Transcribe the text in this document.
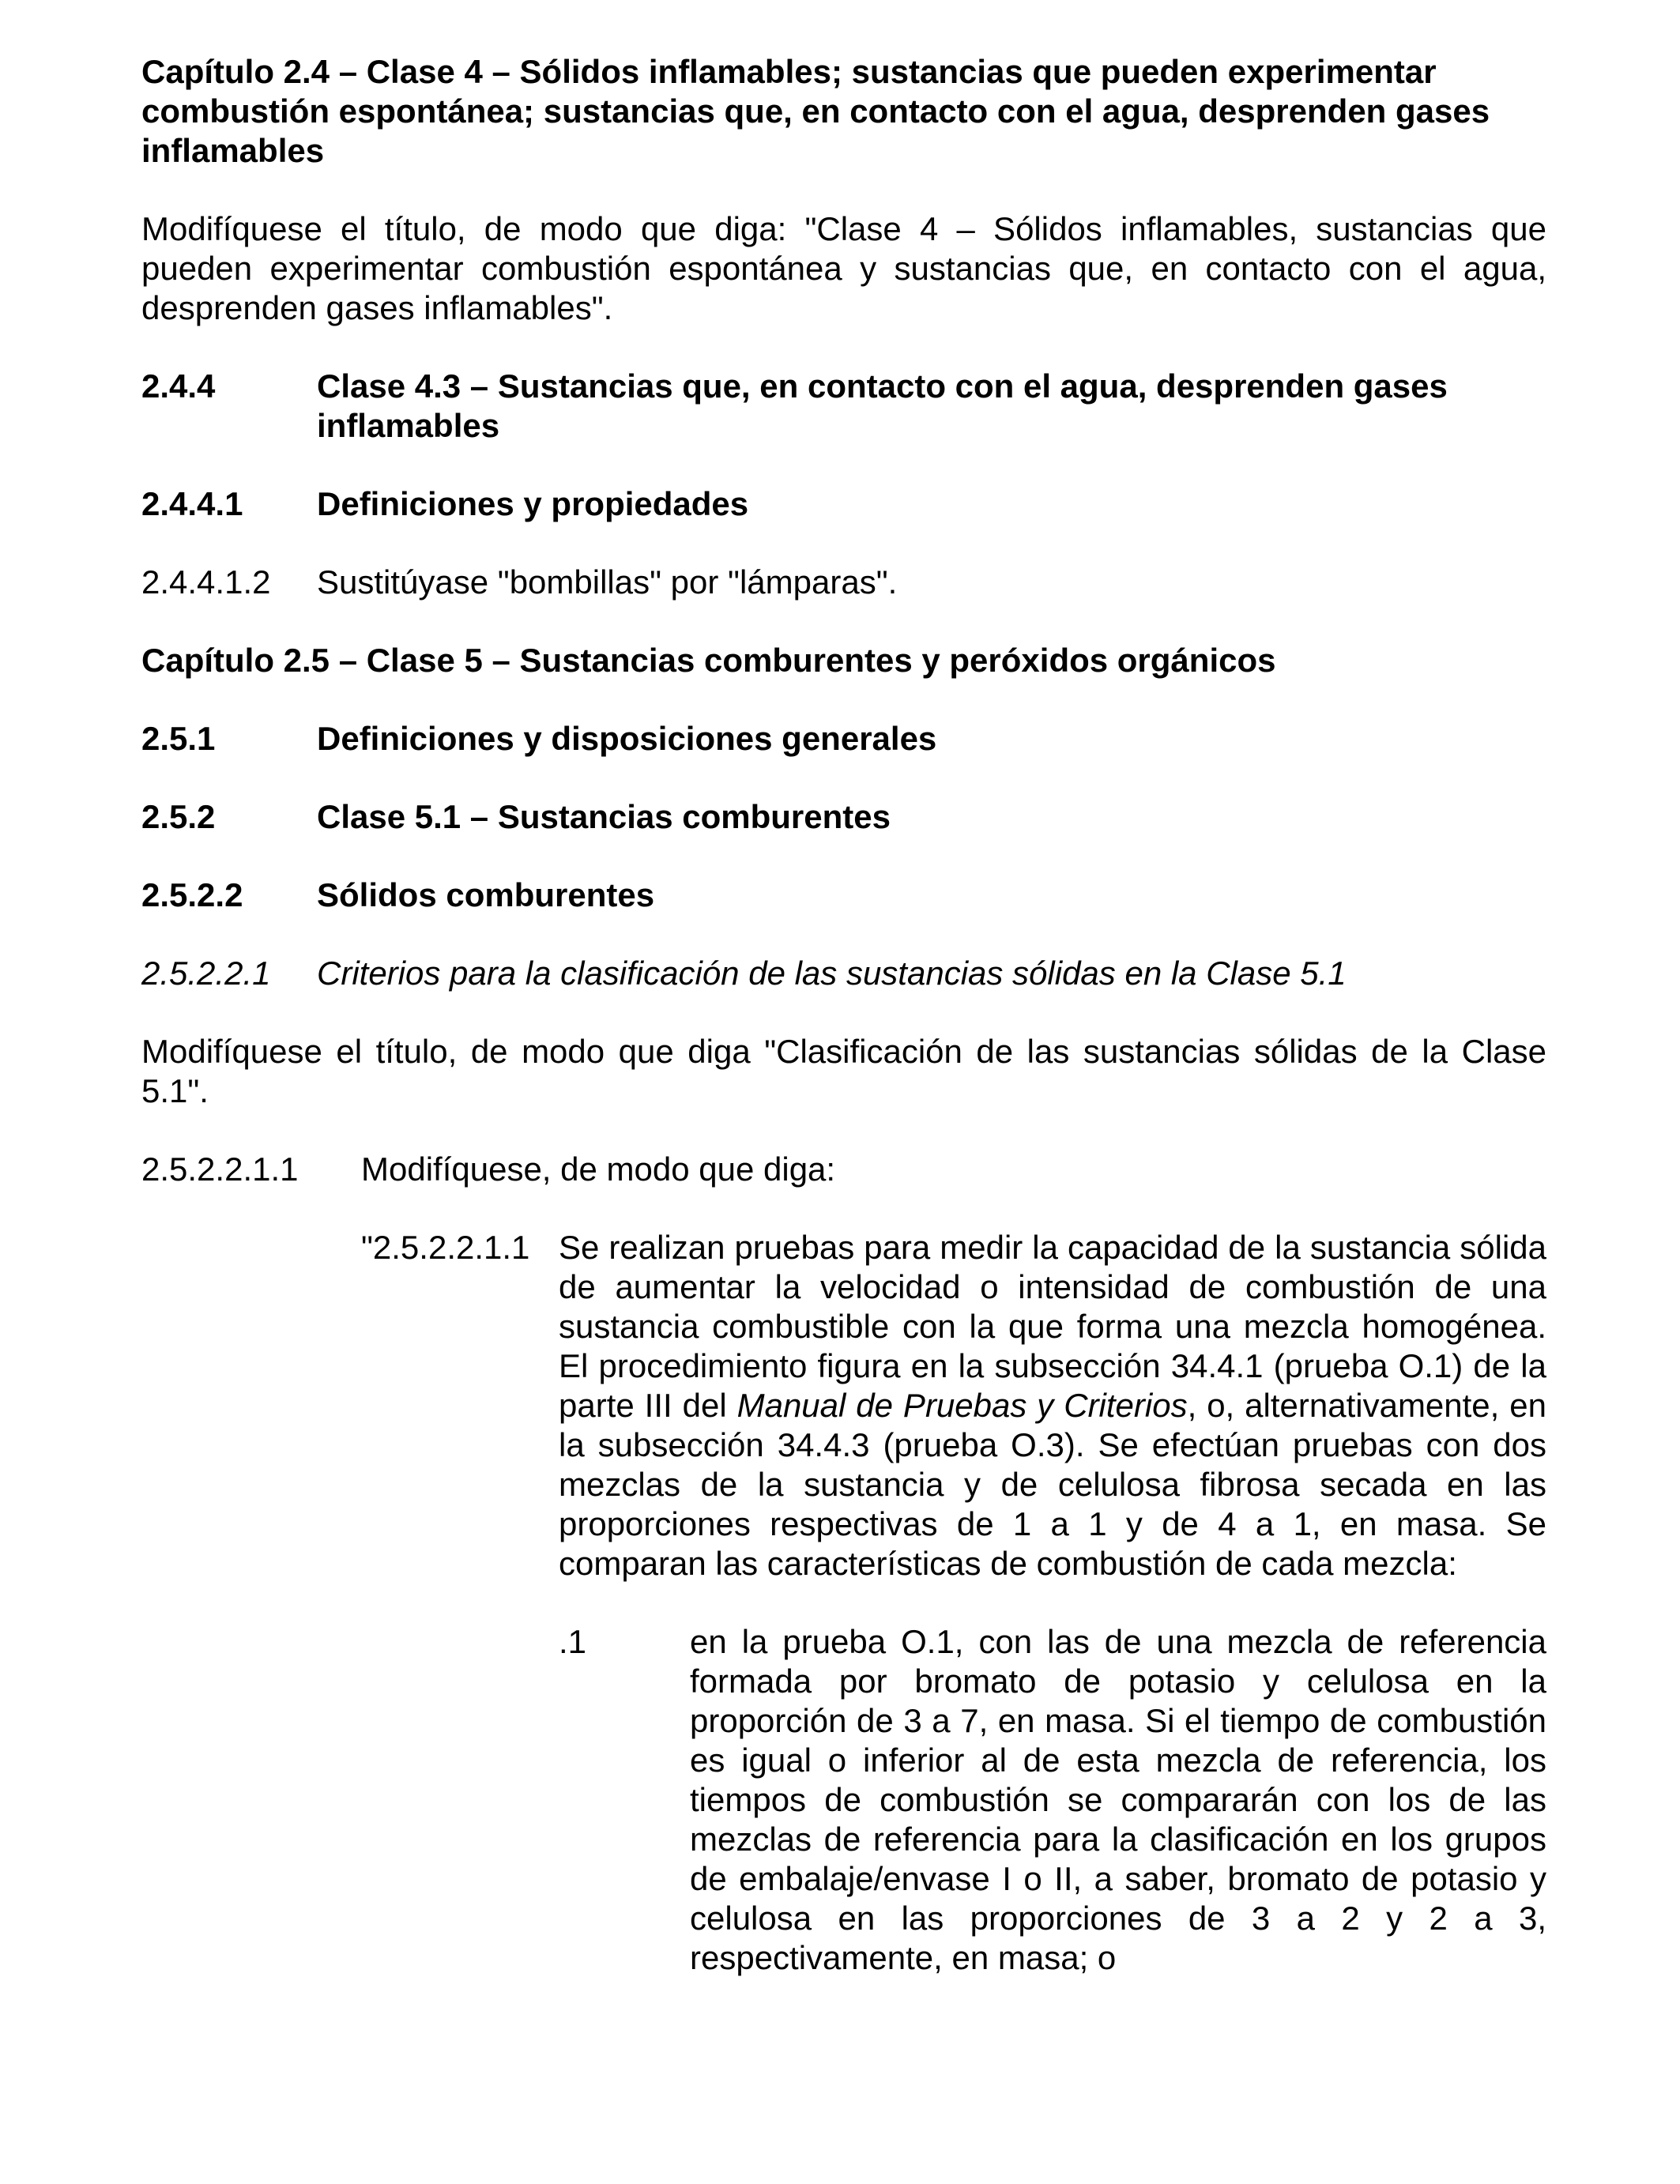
Capítulo 2.4 – Clase 4 – Sólidos inflamables; sustancias que pueden experimentar combustión espontánea; sustancias que, en contacto con el agua, desprenden gases inflamables

Modifíquese el título, de modo que diga: "Clase 4 – Sólidos inflamables, sustancias que pueden experimentar combustión espontánea y sustancias que, en contacto con el agua, desprenden gases inflamables".

2.4.4	Clase 4.3 – Sustancias que, en contacto con el agua, desprenden gases inflamables
2.4.4.1	Definiciones y propiedades
2.4.4.1.2	Sustitúyase "bombillas" por "lámparas".

Capítulo 2.5 – Clase 5 – Sustancias comburentes y peróxidos orgánicos

2.5.1	Definiciones y disposiciones generales
2.5.2	Clase 5.1 – Sustancias comburentes
2.5.2.2	Sólidos comburentes
2.5.2.2.1	Criterios para la clasificación de las sustancias sólidas en la Clase 5.1

Modifíquese el título, de modo que diga "Clasificación de las sustancias sólidas de la Clase 5.1".

2.5.2.2.1.1	Modifíquese, de modo que diga:
"2.5.2.2.1.1 Se realizan pruebas para medir la capacidad de la sustancia sólida de aumentar la velocidad o intensidad de combustión de una sustancia combustible con la que forma una mezcla homogénea. El procedimiento figura en la subsección 34.4.1 (prueba O.1) de la parte III del Manual de Pruebas y Criterios, o, alternativamente, en la subsección 34.4.3 (prueba O.3). Se efectúan pruebas con dos mezclas de la sustancia y de celulosa fibrosa secada en las proporciones respectivas de 1 a 1 y de 4 a 1, en masa. Se comparan las características de combustión de cada mezcla:
.1	en la prueba O.1, con las de una mezcla de referencia formada por bromato de potasio y celulosa en la proporción de 3 a 7, en masa. Si el tiempo de combustión es igual o inferior al de esta mezcla de referencia, los tiempos de combustión se compararán con los de las mezclas de referencia para la clasificación en los grupos de embalaje/envase I o II, a saber, bromato de potasio y celulosa en las proporciones de 3 a 2 y 2 a 3, respectivamente, en masa; o
